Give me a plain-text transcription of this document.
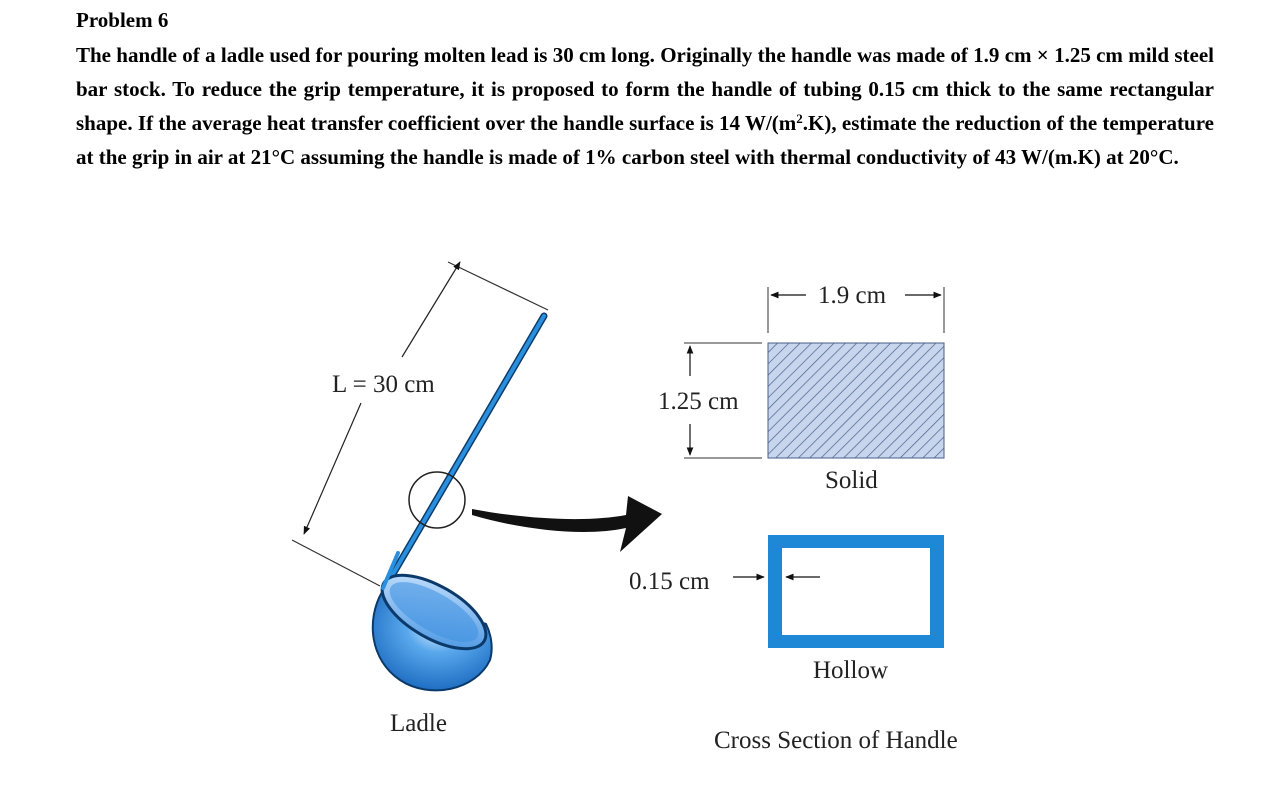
Problem 6

The handle of a ladle used for pouring molten lead is 30 cm long. Originally the handle was made of 1.9 cm × 1.25 cm mild steel bar stock. To reduce the grip temperature, it is proposed to form the handle of tubing 0.15 cm thick to the same rectangular shape. If the average heat transfer coefficient over the handle surface is 14 $W/(m^2.K)$, estimate the reduction of the temperature at the grip in air at 21°C assuming the handle is made of 1% carbon steel with thermal conductivity of 43 W/(m.K) at 20°C.

L = 30 cm
Ladle
1.9 cm
1.25 cm
Solid
0.15 cm
Hollow
Cross Section of Handle
